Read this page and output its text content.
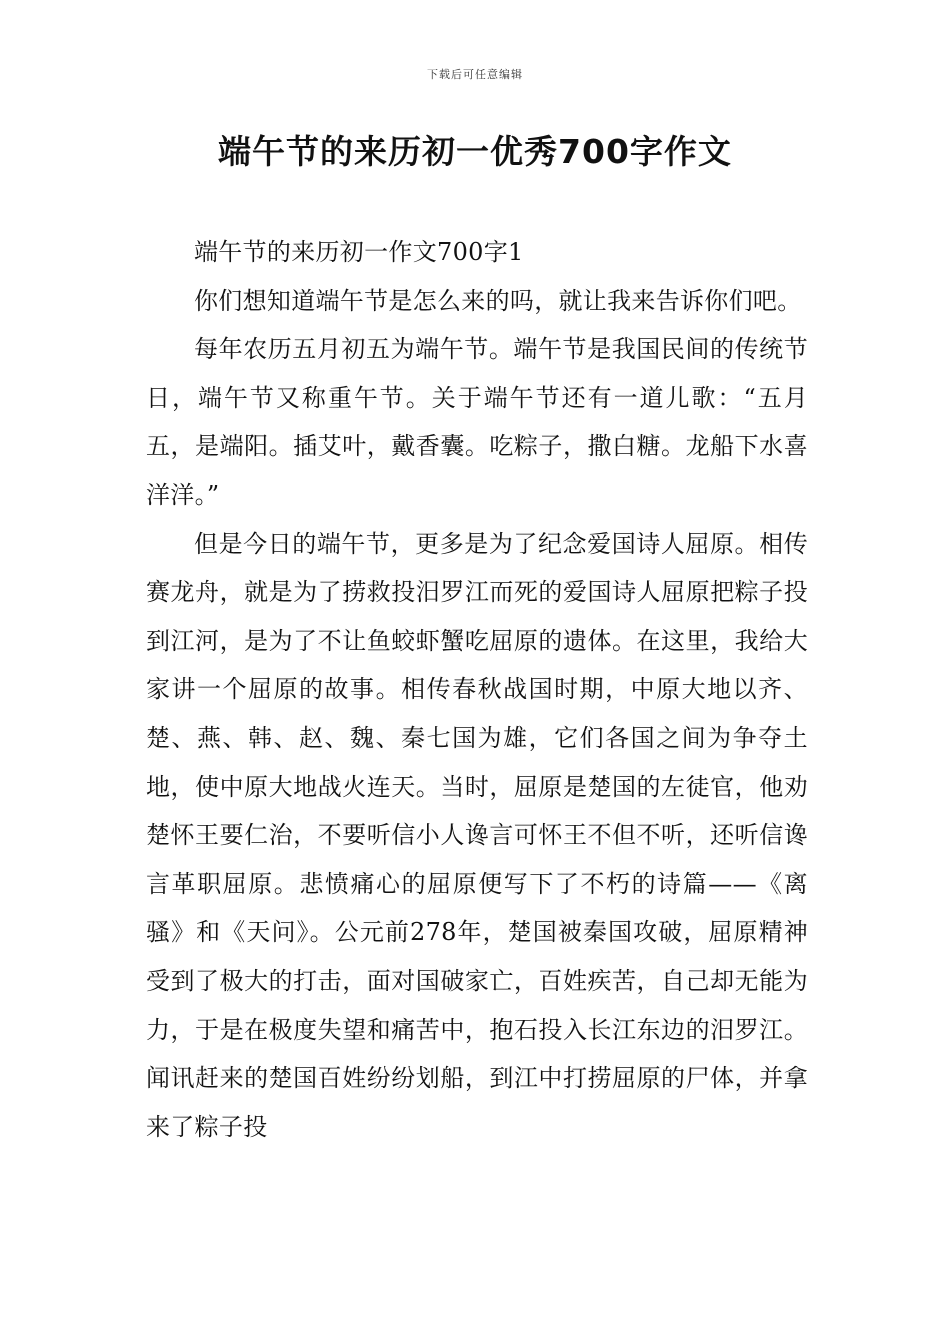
下载后可任意编辑
端午节的来历初一优秀700字作文

端午节的来历初一作文700字1

你们想知道端午节是怎么来的吗，就让我来告诉你们吧。

每年农历五月初五为端午节。端午节是我国民间的传统节日，端午节又称重午节。关于端午节还有一道儿歌：“五月五，是端阳。插艾叶，戴香囊。吃粽子，撒白糖。龙船下水喜洋洋。”

但是今日的端午节，更多是为了纪念爱国诗人屈原。相传赛龙舟，就是为了捞救投汨罗江而死的爱国诗人屈原把粽子投到江河，是为了不让鱼蛟虾蟹吃屈原的遗体。在这里，我给大家讲一个屈原的故事。相传春秋战国时期，中原大地以齐、楚、燕、韩、赵、魏、秦七国为雄，它们各国之间为争夺土地，使中原大地战火连天。当时，屈原是楚国的左徒官，他劝楚怀王要仁治，不要听信小人谗言可怀王不但不听，还听信谗言革职屈原。悲愤痛心的屈原便写下了不朽的诗篇——《离骚》和《天问》。公元前278年，楚国被秦国攻破，屈原精神受到了极大的打击，面对国破家亡，百姓疾苦，自己却无能为力，于是在极度失望和痛苦中，抱石投入长江东边的汨罗江。闻讯赶来的楚国百姓纷纷划船，到江中打捞屈原的尸体，并拿来了粽子投
